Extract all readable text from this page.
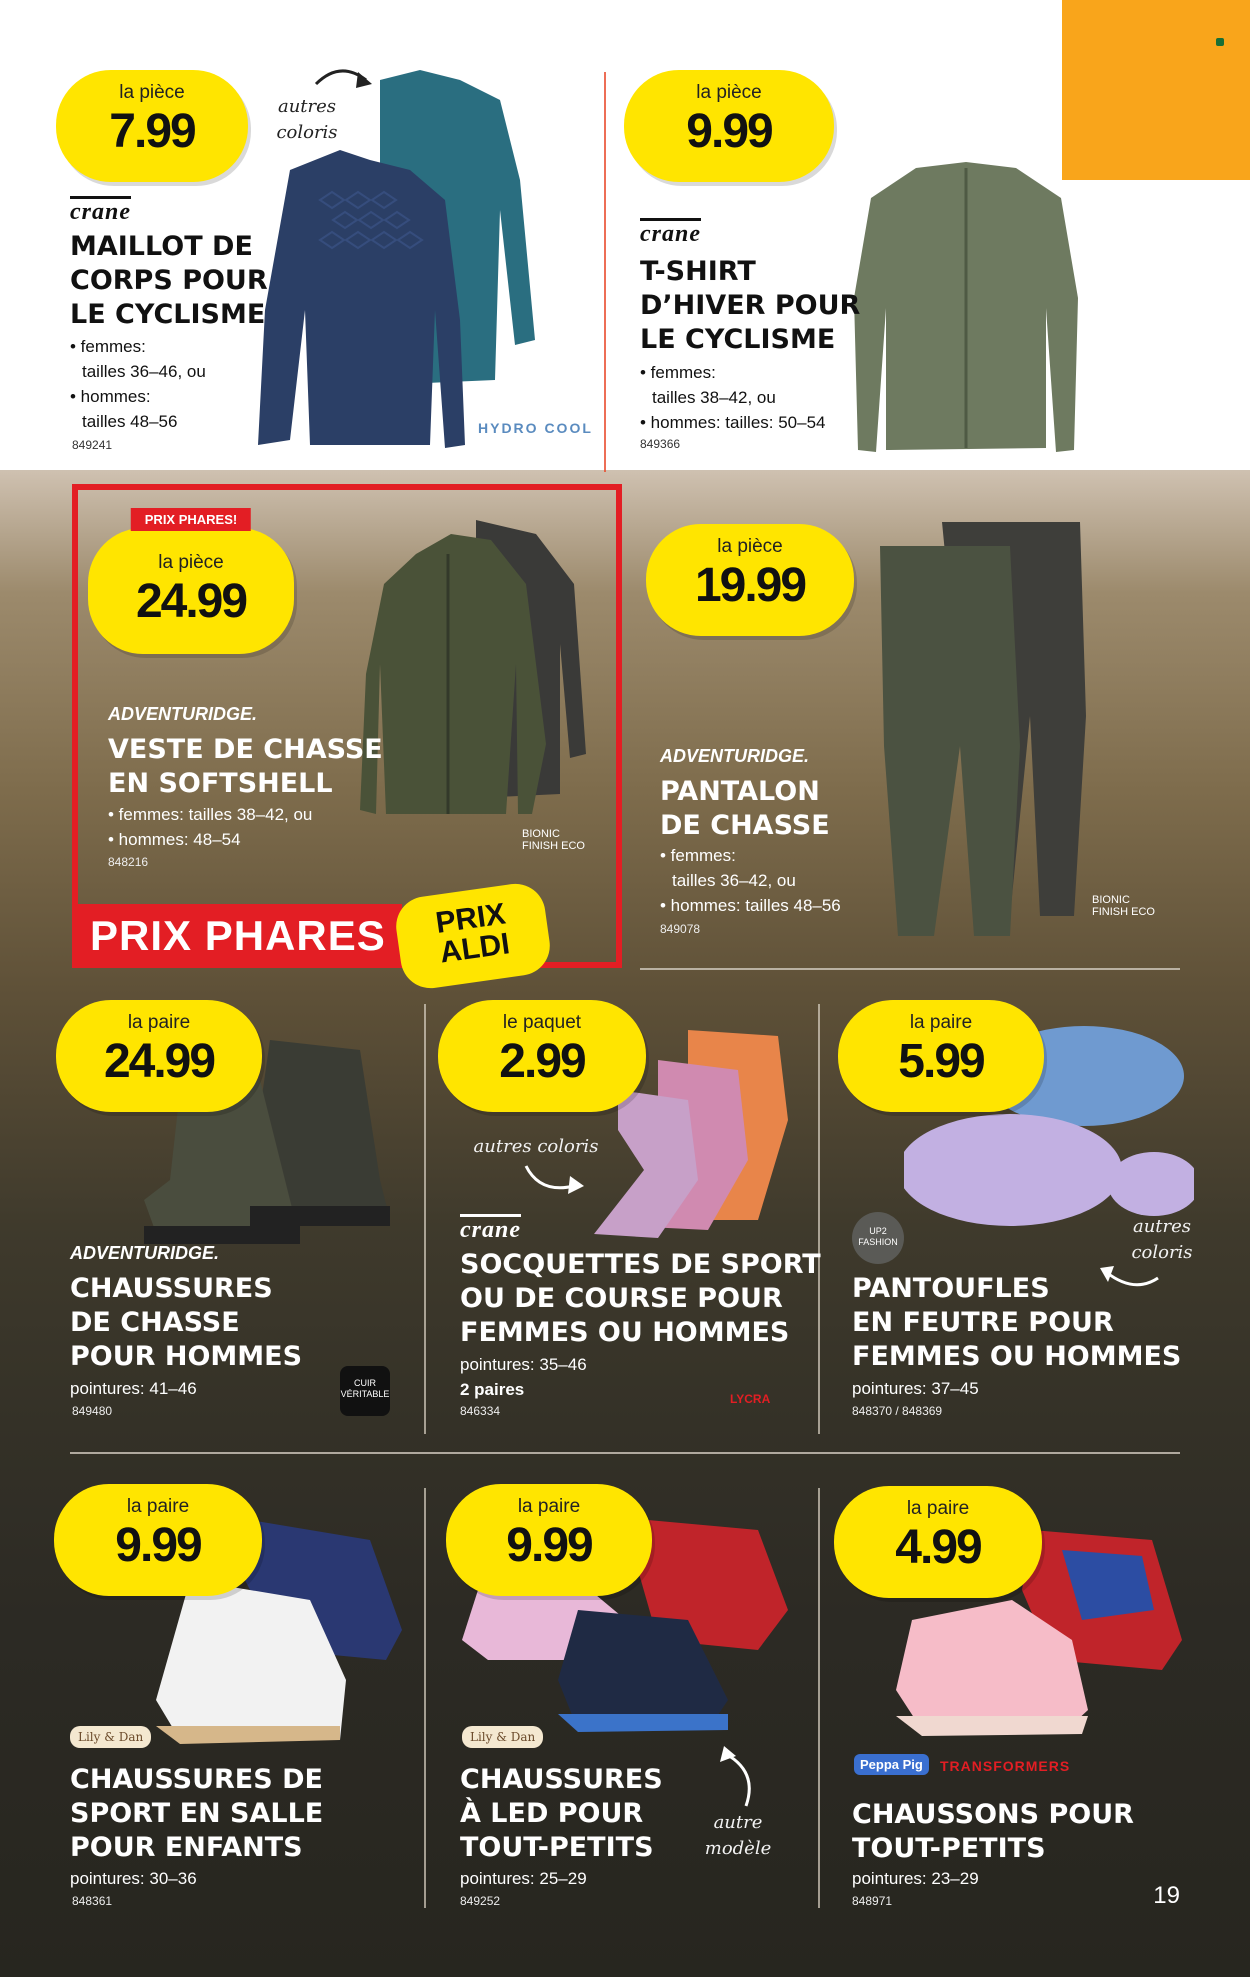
la pièce
7.99	autres
coloris
crane
MAILLOT DE
CORPS POUR
LE CYCLISME
• femmes:
tailles 36–46, ou
• hommes:
tailles 48–56
849241
HYDRO COOL
la pièce
9.99
crane
T-SHIRT
D’HIVER POUR
LE CYCLISME
• femmes:
tailles 38–42, ou
• hommes: tailles: 50–54
849366
PRIX PHARES!
la pièce
24.99
ADVENTURIDGE.
VESTE DE CHASSE
EN SOFTSHELL
• femmes: tailles 38–42, ou
• hommes: 48–54
848216
BIONIC FINISH ECO
PRIX PHARES	PRIX
ALDI
la pièce
19.99
ADVENTURIDGE.
PANTALON
DE CHASSE
• femmes:
tailles 36–42, ou
• hommes: tailles 48–56
849078
BIONIC FINISH ECO
la paire
24.99
ADVENTURIDGE.
CHAUSSURES
DE CHASSE
POUR HOMMES
pointures: 41–46
849480
CUIR VÉRITABLE
le paquet
2.99
autres coloris
crane
SOCQUETTES DE SPORT
OU DE COURSE POUR
FEMMES OU HOMMES
pointures: 35–46
2 paires
846334
LYCRA
la paire
5.99
UP2 FASHION
autres
coloris
PANTOUFLES
EN FEUTRE POUR
FEMMES OU HOMMES
pointures: 37–45
848370 / 848369
la paire
9.99
Lily & Dan
CHAUSSURES DE
SPORT EN SALLE
POUR ENFANTS
pointures: 30–36
848361
la paire
9.99
Lily & Dan
CHAUSSURES
À LED POUR
TOUT-PETITS
autre
modèle
pointures: 25–29
849252
la paire
4.99
Peppa Pig	TRANSFORMERS
CHAUSSONS POUR
TOUT-PETITS
pointures: 23–29
848971	19
